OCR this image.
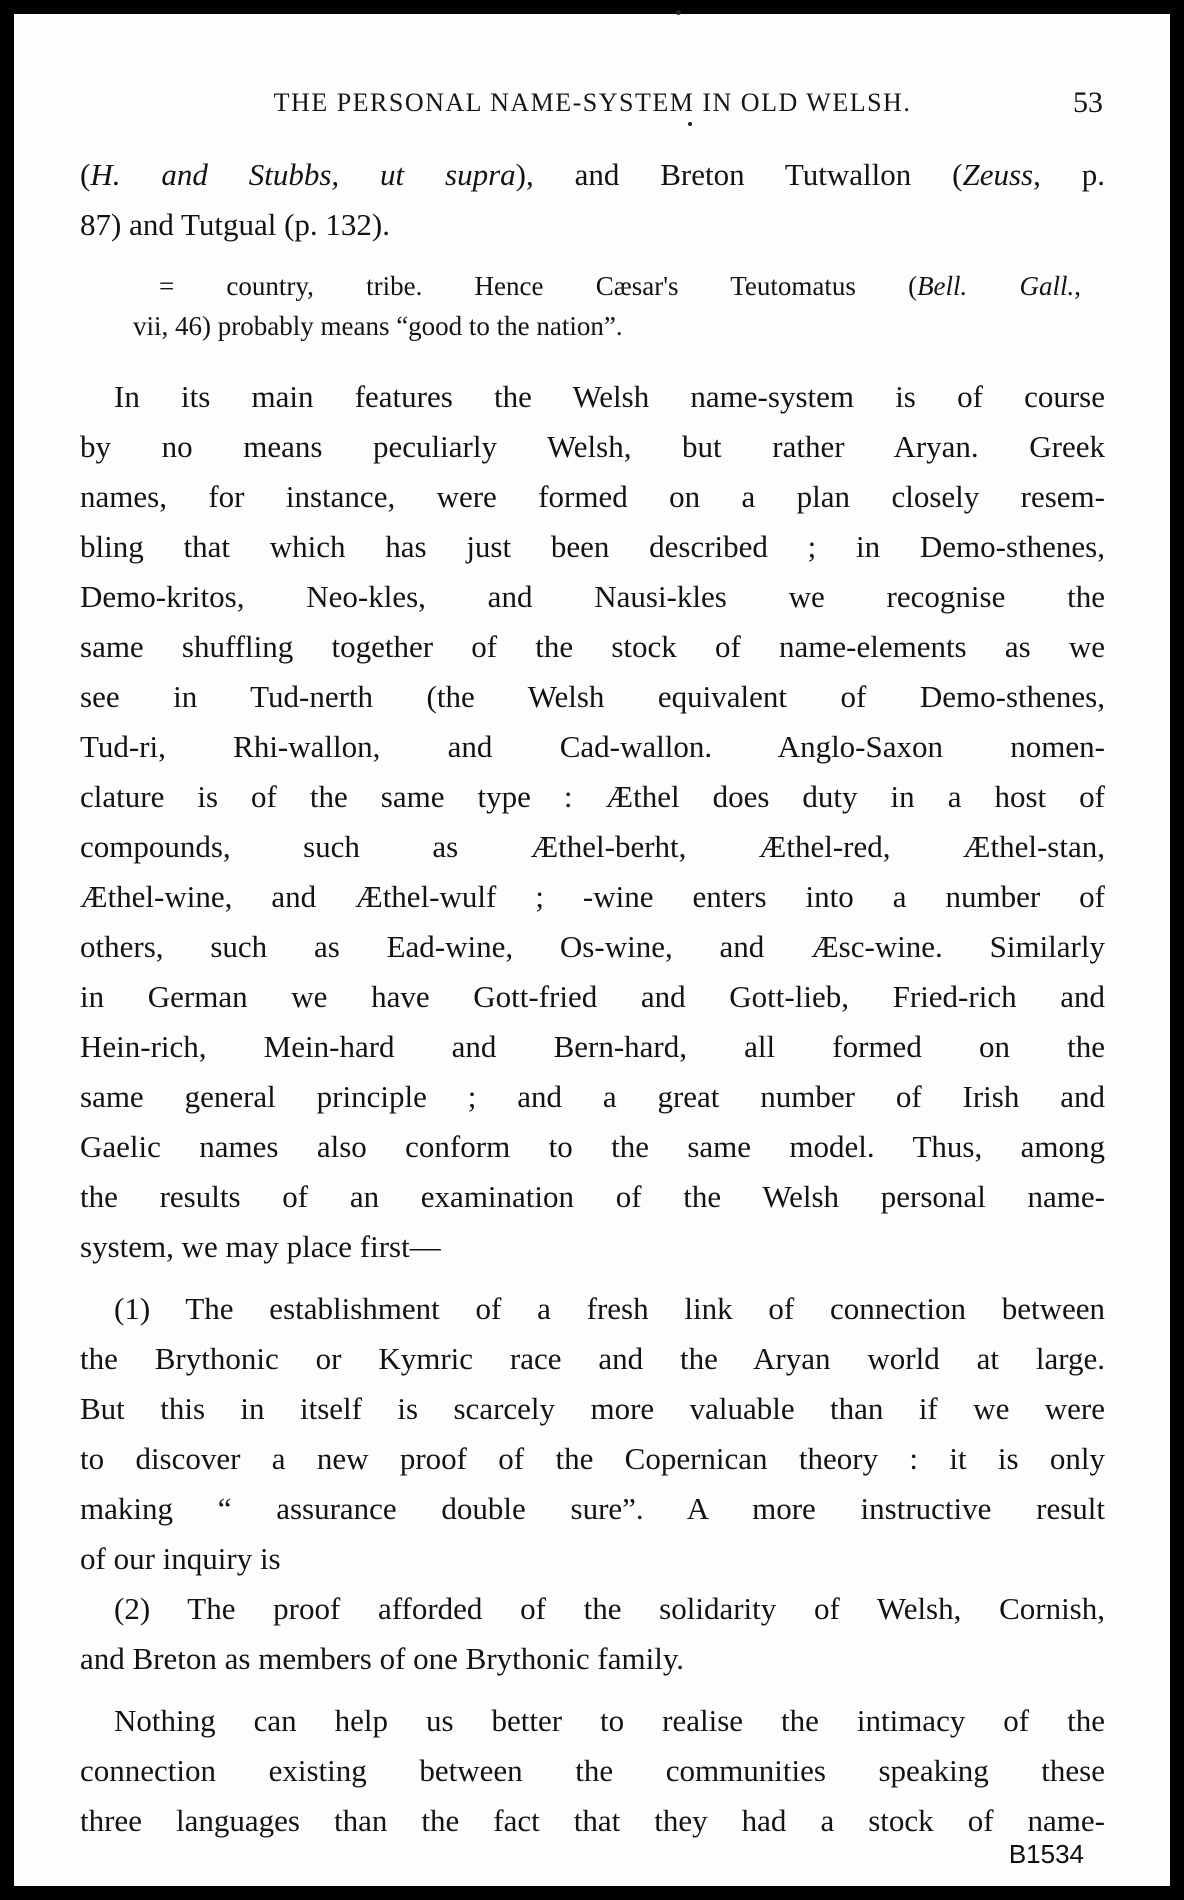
THE PERSONAL NAME-SYSTEM IN OLD WELSH.	53
(H. and Stubbs, ut supra), and Breton Tutwallon (Zeuss, p.
87) and Tutgual (p. 132).
= country, tribe. Hence Cæsar's Teutomatus (Bell. Gall.,
vii, 46) probably means “good to the nation”.
In its main features the Welsh name-system is of course
by no means peculiarly Welsh, but rather Aryan. Greek
names, for instance, were formed on a plan closely resem-
bling that which has just been described ; in Demo-sthenes,
Demo-kritos, Neo-kles, and Nausi-kles we recognise the
same shuffling together of the stock of name-elements as we
see in Tud-nerth (the Welsh equivalent of Demo-sthenes,
Tud-ri, Rhi-wallon, and Cad-wallon. Anglo-Saxon nomen-
clature is of the same type : Æthel does duty in a host of
compounds, such as Æthel-berht, Æthel-red, Æthel-stan,
Æthel-wine, and Æthel-wulf ; -wine enters into a number of
others, such as Ead-wine, Os-wine, and Æsc-wine. Similarly
in German we have Gott-fried and Gott-lieb, Fried-rich and
Hein-rich, Mein-hard and Bern-hard, all formed on the
same general principle ; and a great number of Irish and
Gaelic names also conform to the same model. Thus, among
the results of an examination of the Welsh personal name-
system, we may place first—
(1) The establishment of a fresh link of connection between
the Brythonic or Kymric race and the Aryan world at large.
But this in itself is scarcely more valuable than if we were
to discover a new proof of the Copernican theory : it is only
making “ assurance double sure”. A more instructive result
of our inquiry is
(2) The proof afforded of the solidarity of Welsh, Cornish,
and Breton as members of one Brythonic family.
Nothing can help us better to realise the intimacy of the
connection existing between the communities speaking these
three languages than the fact that they had a stock of name-
B1534
